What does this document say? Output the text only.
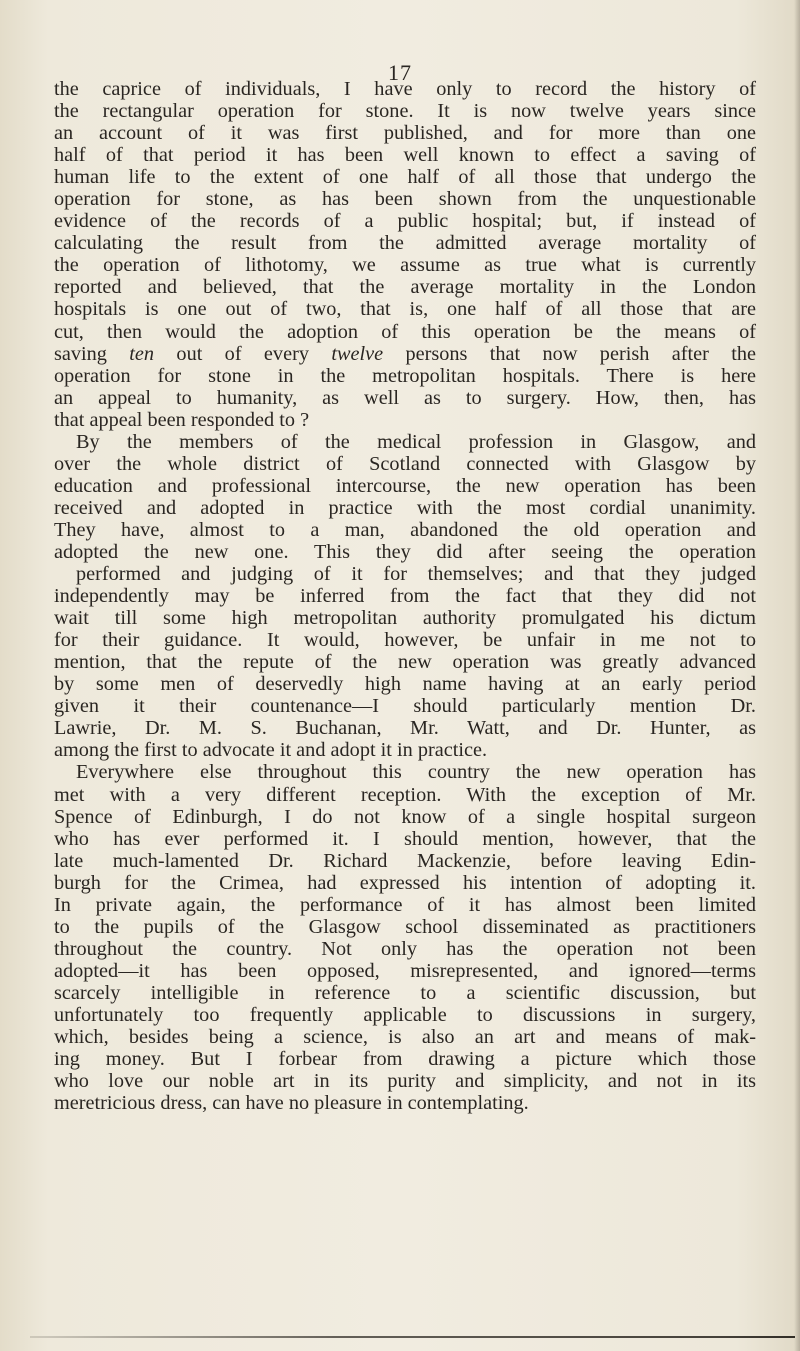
17

the caprice of individuals, I have only to record the history of

the rectangular operation for stone. It is now twelve years since

an account of it was first published, and for more than one

half of that period it has been well known to effect a saving of

human life to the extent of one half of all those that undergo the

operation for stone, as has been shown from the unquestionable

evidence of the records of a public hospital; but, if instead of

calculating the result from the admitted average mortality of

the operation of lithotomy, we assume as true what is currently

reported and believed, that the average mortality in the London

hospitals is one out of two, that is, one half of all those that are

cut, then would the adoption of this operation be the means of

saving ten out of every twelve persons that now perish after the

operation for stone in the metropolitan hospitals. There is here

an appeal to humanity, as well as to surgery. How, then, has

that appeal been responded to ?

By the members of the medical profession in Glasgow, and

over the whole district of Scotland connected with Glasgow by

education and professional intercourse, the new operation has been

received and adopted in practice with the most cordial unanimity.

They have, almost to a man, abandoned the old operation and

adopted the new one. This they did after seeing the operation

performed and judging of it for themselves; and that they judged

independently may be inferred from the fact that they did not

wait till some high metropolitan authority promulgated his dictum

for their guidance. It would, however, be unfair in me not to

mention, that the repute of the new operation was greatly advanced

by some men of deservedly high name having at an early period

given it their countenance—I should particularly mention Dr.

Lawrie, Dr. M. S. Buchanan, Mr. Watt, and Dr. Hunter, as

among the first to advocate it and adopt it in practice.

Everywhere else throughout this country the new operation has

met with a very different reception. With the exception of Mr.

Spence of Edinburgh, I do not know of a single hospital surgeon

who has ever performed it. I should mention, however, that the

late much-lamented Dr. Richard Mackenzie, before leaving Edin-

burgh for the Crimea, had expressed his intention of adopting it.

In private again, the performance of it has almost been limited

to the pupils of the Glasgow school disseminated as practitioners

throughout the country. Not only has the operation not been

adopted—it has been opposed, misrepresented, and ignored—terms

scarcely intelligible in reference to a scientific discussion, but

unfortunately too frequently applicable to discussions in surgery,

which, besides being a science, is also an art and means of mak-

ing money. But I forbear from drawing a picture which those

who love our noble art in its purity and simplicity, and not in its

meretricious dress, can have no pleasure in contemplating.
